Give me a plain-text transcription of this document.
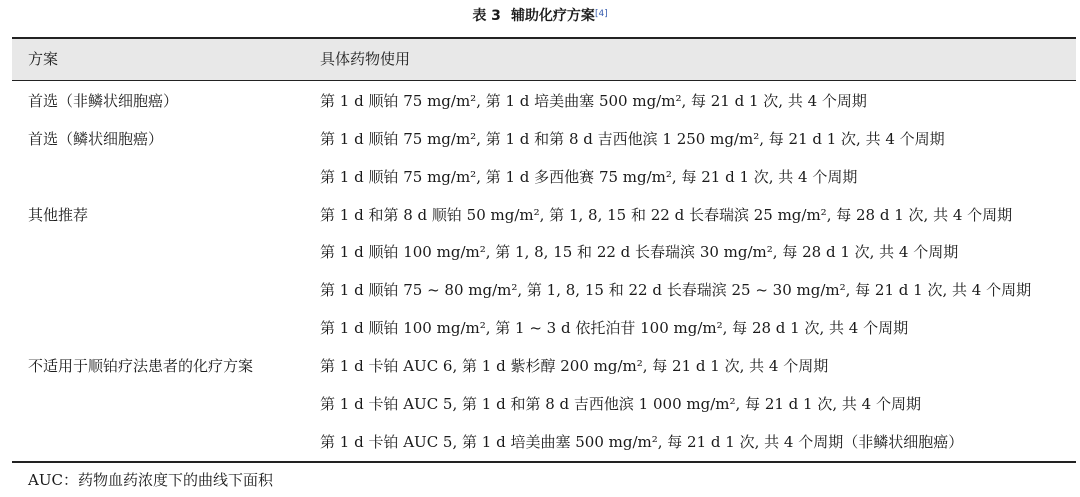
表 3 辅助化疗方案[4]
方案	具体药物使用
首选（非鳞状细胞癌）	第 1 d 顺铂 75 mg/m², 第 1 d 培美曲塞 500 mg/m², 每 21 d 1 次, 共 4 个周期
首选（鳞状细胞癌）	第 1 d 顺铂 75 mg/m², 第 1 d 和第 8 d 吉西他滨 1 250 mg/m², 每 21 d 1 次, 共 4 个周期
第 1 d 顺铂 75 mg/m², 第 1 d 多西他赛 75 mg/m², 每 21 d 1 次, 共 4 个周期
其他推荐	第 1 d 和第 8 d 顺铂 50 mg/m², 第 1, 8, 15 和 22 d 长春瑞滨 25 mg/m², 每 28 d 1 次, 共 4 个周期
第 1 d 顺铂 100 mg/m², 第 1, 8, 15 和 22 d 长春瑞滨 30 mg/m², 每 28 d 1 次, 共 4 个周期
第 1 d 顺铂 75 ~ 80 mg/m², 第 1, 8, 15 和 22 d 长春瑞滨 25 ~ 30 mg/m², 每 21 d 1 次, 共 4 个周期
第 1 d 顺铂 100 mg/m², 第 1 ~ 3 d 依托泊苷 100 mg/m², 每 28 d 1 次, 共 4 个周期
不适用于顺铂疗法患者的化疗方案	第 1 d 卡铂 AUC 6, 第 1 d 紫杉醇 200 mg/m², 每 21 d 1 次, 共 4 个周期
第 1 d 卡铂 AUC 5, 第 1 d 和第 8 d 吉西他滨 1 000 mg/m², 每 21 d 1 次, 共 4 个周期
第 1 d 卡铂 AUC 5, 第 1 d 培美曲塞 500 mg/m², 每 21 d 1 次, 共 4 个周期（非鳞状细胞癌）
AUC：药物血药浓度下的曲线下面积
